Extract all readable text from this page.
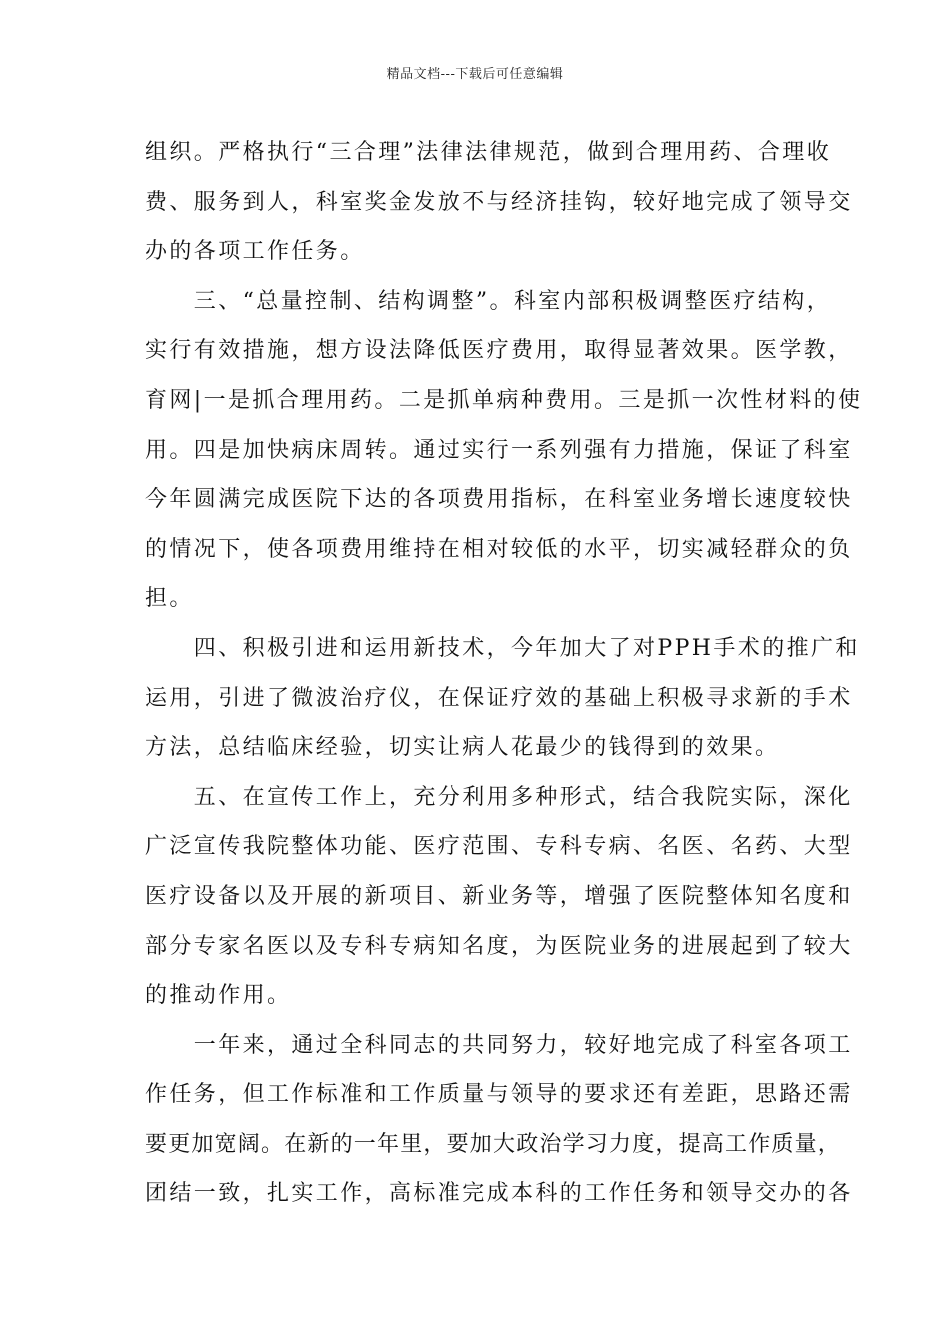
精品文档---下载后可任意编辑
组织。严格执行“三合理”法律法律规范，做到合理用药、合理收
费、服务到人，科室奖金发放不与经济挂钩，较好地完成了领导交
办的各项工作任务。
　　三、“总量控制、结构调整”。科室内部积极调整医疗结构，
实行有效措施，想方设法降低医疗费用，取得显著效果。医学教，
育网|一是抓合理用药。二是抓单病种费用。三是抓一次性材料的使
用。四是加快病床周转。通过实行一系列强有力措施，保证了科室
今年圆满完成医院下达的各项费用指标，在科室业务增长速度较快
的情况下，使各项费用维持在相对较低的水平，切实减轻群众的负
担。
　　四、积极引进和运用新技术，今年加大了对PPH手术的推广和
运用，引进了微波治疗仪，在保证疗效的基础上积极寻求新的手术
方法，总结临床经验，切实让病人花最少的钱得到的效果。
　　五、在宣传工作上，充分利用多种形式，结合我院实际，深化
广泛宣传我院整体功能、医疗范围、专科专病、名医、名药、大型
医疗设备以及开展的新项目、新业务等，增强了医院整体知名度和
部分专家名医以及专科专病知名度，为医院业务的进展起到了较大
的推动作用。
　　一年来，通过全科同志的共同努力，较好地完成了科室各项工
作任务，但工作标准和工作质量与领导的要求还有差距，思路还需
要更加宽阔。在新的一年里，要加大政治学习力度，提高工作质量，
团结一致，扎实工作，高标准完成本科的工作任务和领导交办的各
